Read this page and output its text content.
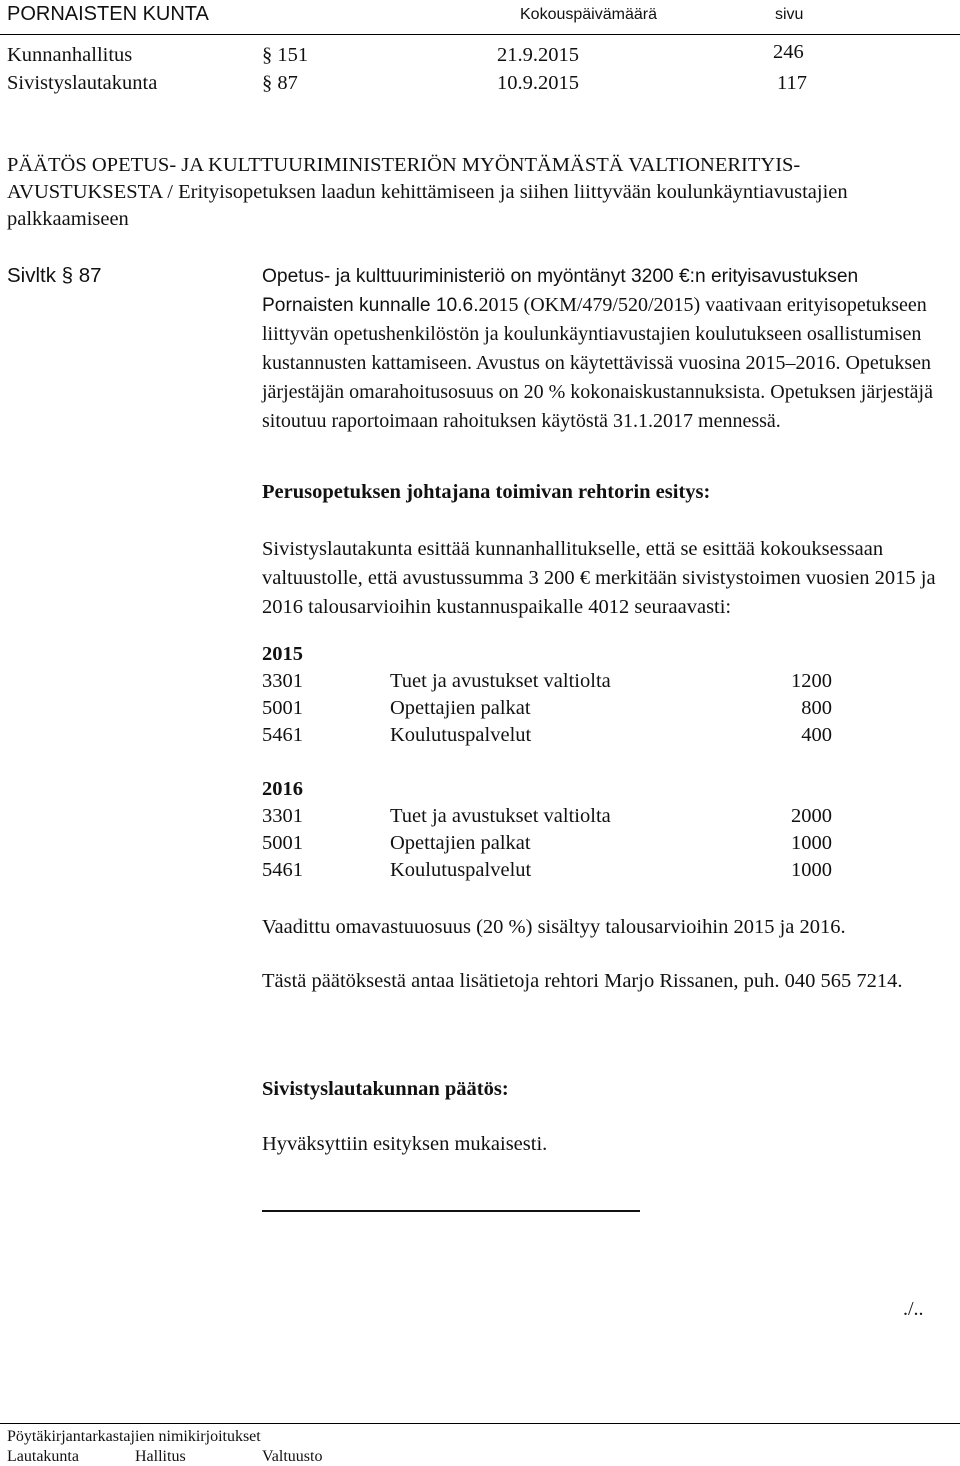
PORNAISTEN KUNTA	Kokouspäivämäärä	sivu
Kunnanhallitus	§ 151	21.9.2015	246
Sivistyslautakunta	§ 87	10.9.2015	117
PÄÄTÖS OPETUS- JA KULTTUURIMINISTERIÖN MYÖNTÄMÄSTÄ VALTIONERITYIS-AVUSTUKSESTA / Erityisopetuksen laadun kehittämiseen ja siihen liittyvään koulunkäyntiavustajien palkkaamiseen
Sivltk § 87	Opetus- ja kulttuuriministeriö on myöntänyt 3200 €:n erityisavustuksen Pornaisten kunnalle 10.6.2015 (OKM/479/520/2015) vaativaan erityisopetukseen liittyvän opetushenkilöstön ja koulunkäyntiavustajien koulutukseen osallistumisen kustannusten kattamiseen. Avustus on käytettävissä vuosina 2015–2016. Opetuksen järjestäjän omarahoitusosuus on 20 % kokonaiskustannuksista. Opetuksen järjestäjä sitoutuu raportoimaan rahoituksen käytöstä 31.1.2017 mennessä.
Perusopetuksen johtajana toimivan rehtorin esitys:
Sivistyslautakunta esittää kunnanhallitukselle, että se esittää kokouksessaan valtuustolle, että avustussumma 3 200 € merkitään sivistystoimen vuosien 2015 ja 2016 talousarvioihin kustannuspaikalle 4012 seuraavasti:
2015
3301	Tuet ja avustukset valtiolta	1200
5001	Opettajien palkat	800
5461	Koulutuspalvelut	400
2016
3301	Tuet ja avustukset valtiolta	2000
5001	Opettajien palkat	1000
5461	Koulutuspalvelut	1000
Vaadittu omavastuuosuus (20 %) sisältyy talousarvioihin 2015 ja 2016.
Tästä päätöksestä antaa lisätietoja rehtori Marjo Rissanen, puh. 040 565 7214.
Sivistyslautakunnan päätös:
Hyväksyttiin esityksen mukaisesti.
./..
Pöytäkirjantarkastajien nimikirjoitukset
Lautakunta	Hallitus	Valtuusto
